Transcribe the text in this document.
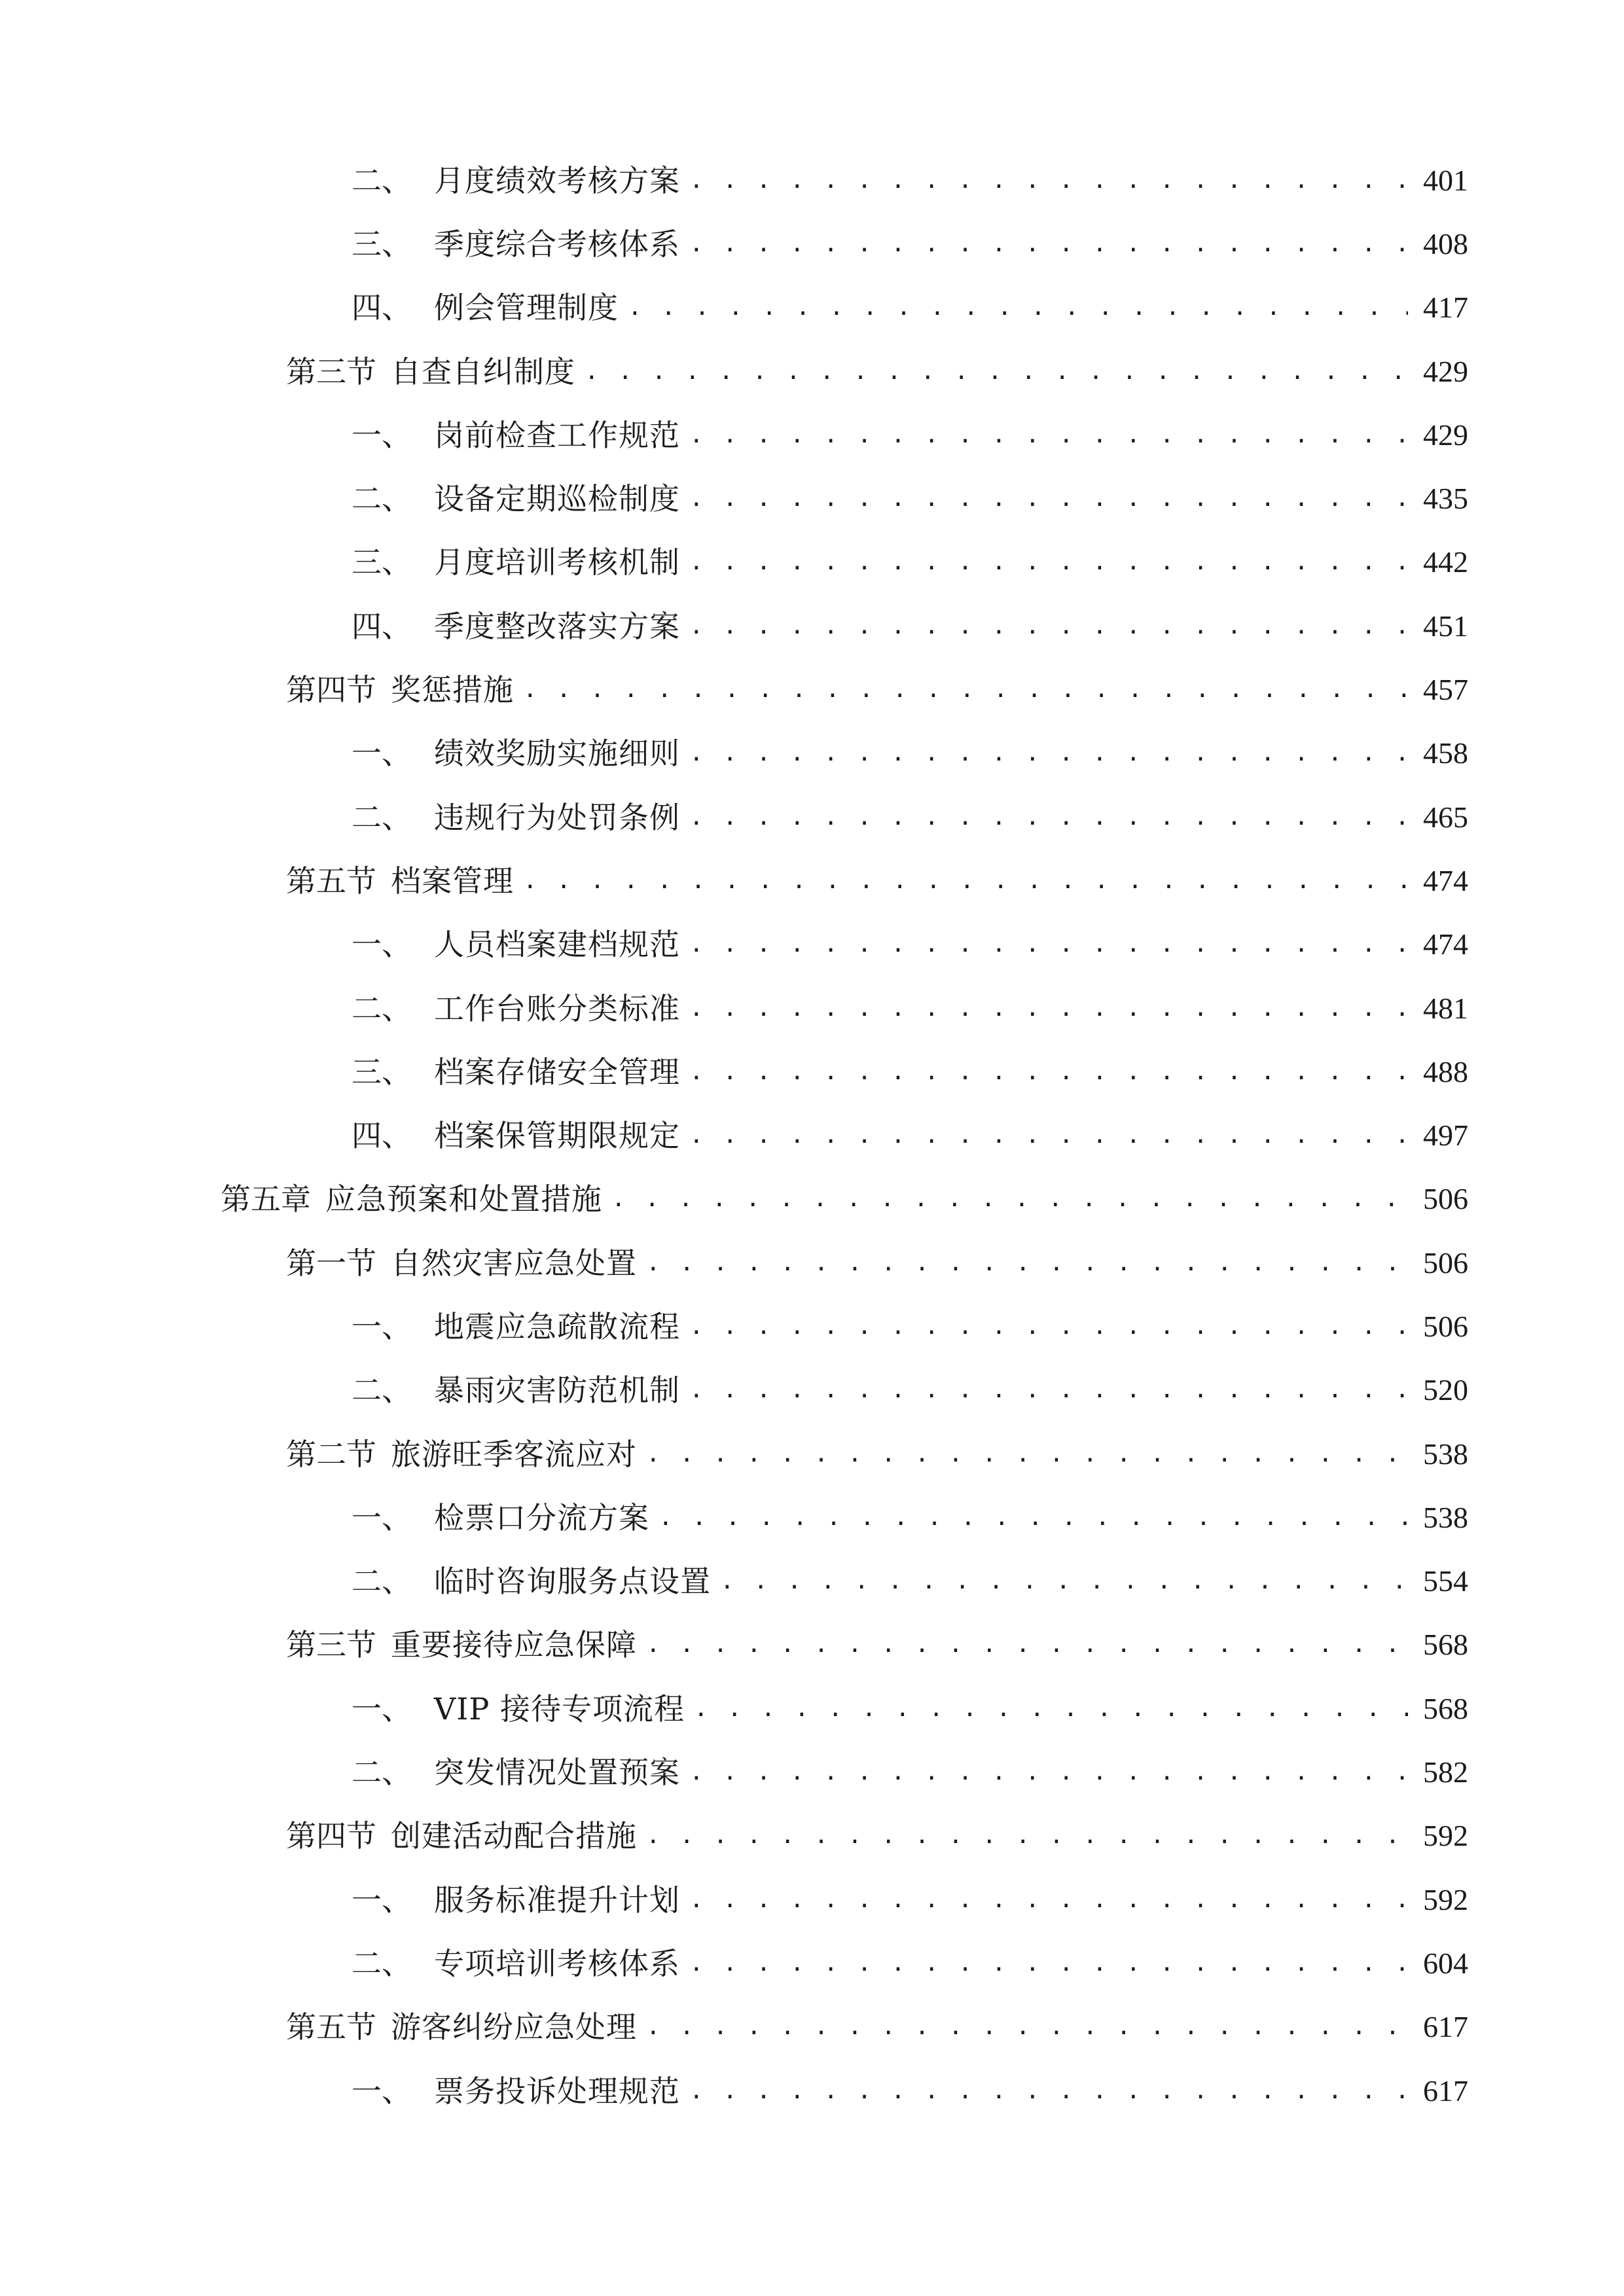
二、 月度绩效考核方案 . . .	401
三、 季度综合考核体系 . . .	408
四、 例会管理制度 . . .	417
第三节 自查自纠制度 . . .	429
一、 岗前检查工作规范 . . .	429
二、 设备定期巡检制度 . . .	435
三、 月度培训考核机制 . . .	442
四、 季度整改落实方案 . . .	451
第四节 奖惩措施 . . .	457
一、 绩效奖励实施细则 . . .	458
二、 违规行为处罚条例 . . .	465
第五节 档案管理 . . .	474
一、 人员档案建档规范 . . .	474
二、 工作台账分类标准 . . .	481
三、 档案存储安全管理 . . .	488
四、 档案保管期限规定 . . .	497
第五章 应急预案和处置措施 . . .	506
第一节 自然灾害应急处置 . . .	506
一、 地震应急疏散流程 . . .	506
二、 暴雨灾害防范机制 . . .	520
第二节 旅游旺季客流应对 . . .	538
一、 检票口分流方案 . . .	538
二、 临时咨询服务点设置 . . .	554
第三节 重要接待应急保障 . . .	568
一、 VIP 接待专项流程 . . .	568
二、 突发情况处置预案 . . .	582
第四节 创建活动配合措施 . . .	592
一、 服务标准提升计划 . . .	592
二、 专项培训考核体系 . . .	604
第五节 游客纠纷应急处理 . . .	617
一、 票务投诉处理规范 . . .	617
